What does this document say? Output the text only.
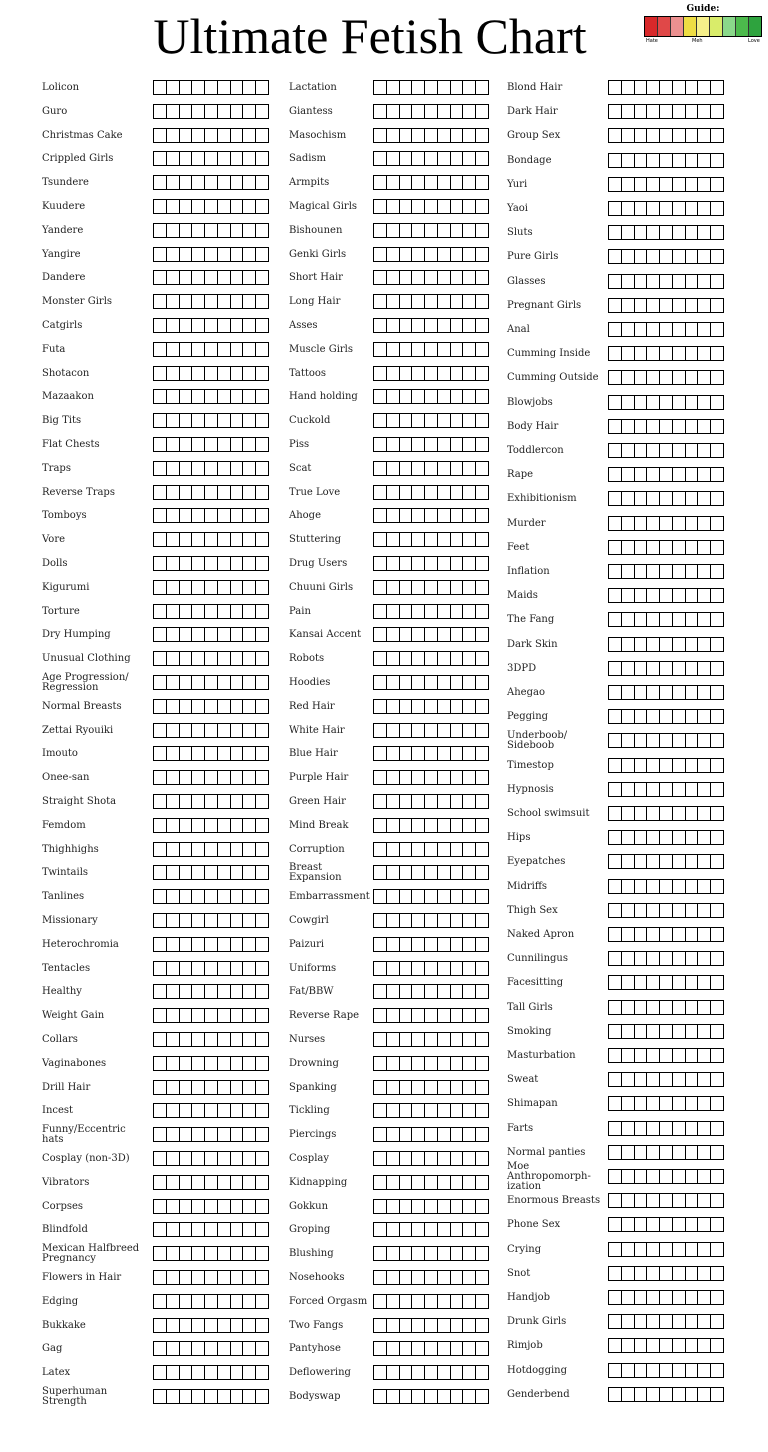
Ultimate Fetish Chart	Guide:
Hate	Meh	Love
Lolicon
Guro
Christmas Cake
Crippled Girls
Tsundere
Kuudere
Yandere
Yangire
Dandere
Monster Girls
Catgirls
Futa
Shotacon
Mazaakon
Big Tits
Flat Chests
Traps
Reverse Traps
Tomboys
Vore
Dolls
Kigurumi
Torture
Dry Humping
Unusual Clothing
Age Progression/ Regression
Normal Breasts
Zettai Ryouiki
Imouto
Onee-san
Straight Shota
Femdom
Thighhighs
Twintails
Tanlines
Missionary
Heterochromia
Tentacles
Healthy
Weight Gain
Collars
Vaginabones
Drill Hair
Incest
Funny/Eccentric hats
Cosplay (non-3D)
Vibrators
Corpses
Blindfold
Mexican Halfbreed Pregnancy
Flowers in Hair
Edging
Bukkake
Gag
Latex
Superhuman Strength
Lactation
Giantess
Masochism
Sadism
Armpits
Magical Girls
Bishounen
Genki Girls
Short Hair
Long Hair
Asses
Muscle Girls
Tattoos
Hand holding
Cuckold
Piss
Scat
True Love
Ahoge
Stuttering
Drug Users
Chuuni Girls
Pain
Kansai Accent
Robots
Hoodies
Red Hair
White Hair
Blue Hair
Purple Hair
Green Hair
Mind Break
Corruption
Breast Expansion
Embarrassment
Cowgirl
Paizuri
Uniforms
Fat/BBW
Reverse Rape
Nurses
Drowning
Spanking
Tickling
Piercings
Cosplay
Kidnapping
Gokkun
Groping
Blushing
Nosehooks
Forced Orgasm
Two Fangs
Pantyhose
Deflowering
Bodyswap
Blond Hair
Dark Hair
Group Sex
Bondage
Yuri
Yaoi
Sluts
Pure Girls
Glasses
Pregnant Girls
Anal
Cumming Inside
Cumming Outside
Blowjobs
Body Hair
Toddlercon
Rape
Exhibitionism
Murder
Feet
Inflation
Maids
The Fang
Dark Skin
3DPD
Ahegao
Pegging
Underboob/ Sideboob
Timestop
Hypnosis
School swimsuit
Hips
Eyepatches
Midriffs
Thigh Sex
Naked Apron
Cunnilingus
Facesitting
Tall Girls
Smoking
Masturbation
Sweat
Shimapan
Farts
Normal panties
Moe Anthropomorph- ization
Enormous Breasts
Phone Sex
Crying
Snot
Handjob
Drunk Girls
Rimjob
Hotdogging
Genderbend
